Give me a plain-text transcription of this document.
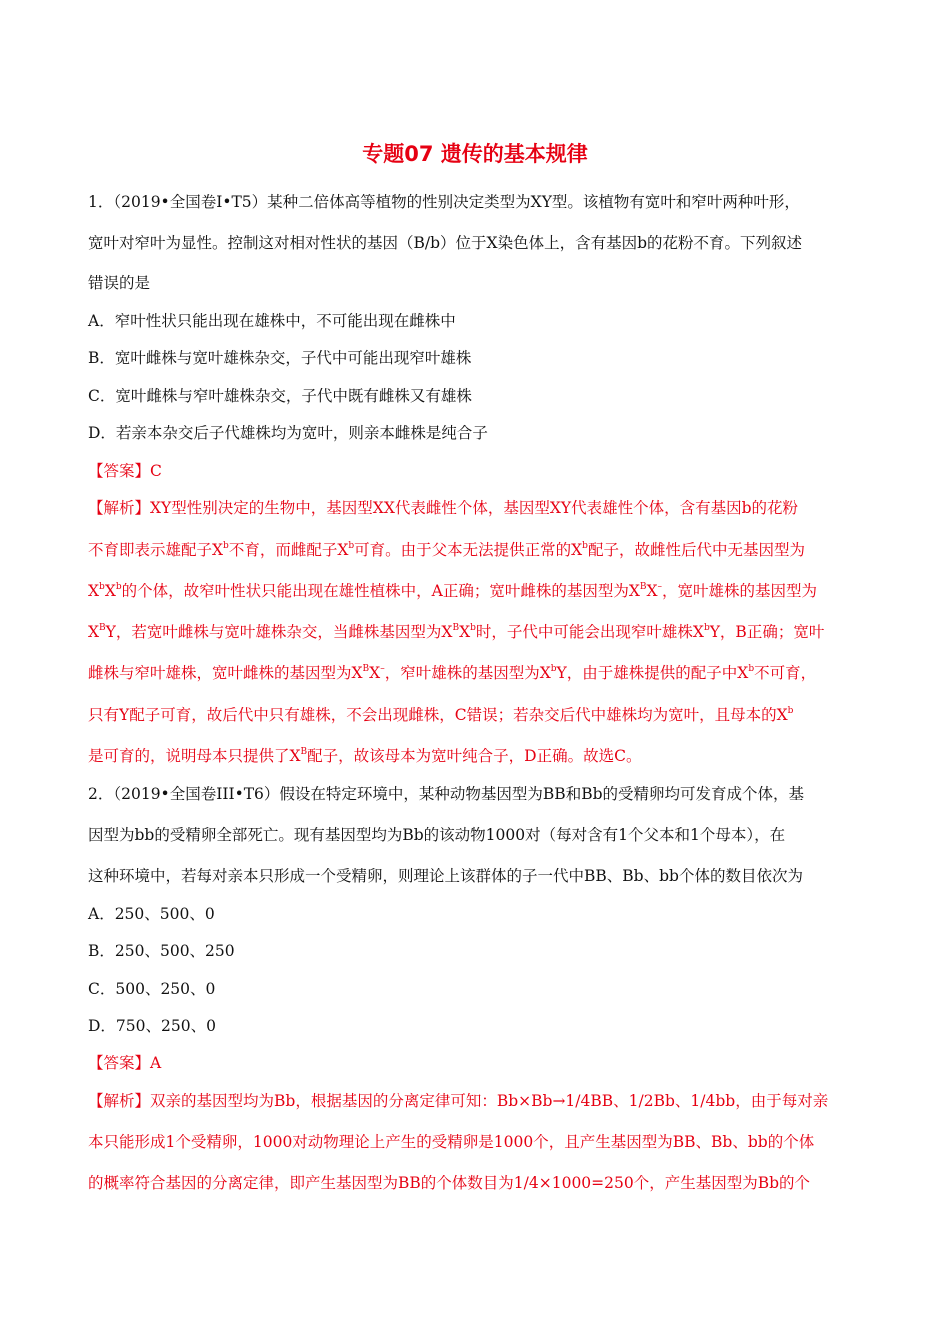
专题07 遗传的基本规律
1．（2019•全国卷Ⅰ•T5）某种二倍体高等植物的性别决定类型为XY型。该植物有宽叶和窄叶两种叶形，
宽叶对窄叶为显性。控制这对相对性状的基因（B/b）位于X染色体上，含有基因b的花粉不育。下列叙述
错误的是
A．窄叶性状只能出现在雄株中，不可能出现在雌株中
B．宽叶雌株与宽叶雄株杂交，子代中可能出现窄叶雄株
C．宽叶雌株与窄叶雄株杂交，子代中既有雌株又有雄株
D．若亲本杂交后子代雄株均为宽叶，则亲本雌株是纯合子
【答案】C
【解析】XY型性别决定的生物中，基因型XX代表雌性个体，基因型XY代表雄性个体，含有基因b的花粉
不育即表示雄配子$X^b$不育，而雌配子$X^b$可育。由于父本无法提供正常的$X^b$配子，故雌性后代中无基因型为
$X^bX^b$的个体，故窄叶性状只能出现在雄性植株中，A正确；宽叶雌株的基因型为$X^BX^-$，宽叶雄株的基因型为
$X^BY$，若宽叶雌株与宽叶雄株杂交，当雌株基因型为$X^BX^b$时，子代中可能会出现窄叶雄株$X^bY$，B正确；宽叶
雌株与窄叶雄株，宽叶雌株的基因型为$X^BX^-$，窄叶雄株的基因型为$X^bY$，由于雄株提供的配子中$X^b$不可育，
只有Y配子可育，故后代中只有雄株，不会出现雌株，C错误；若杂交后代中雄株均为宽叶，且母本的$X^b$
是可育的，说明母本只提供了$X^B$配子，故该母本为宽叶纯合子，D正确。故选C。
2．（2019•全国卷III•T6）假设在特定环境中，某种动物基因型为BB和Bb的受精卵均可发育成个体，基
因型为bb的受精卵全部死亡。现有基因型均为Bb的该动物1000对（每对含有1个父本和1个母本），在
这种环境中，若每对亲本只形成一个受精卵，则理论上该群体的子一代中BB、Bb、bb个体的数目依次为
A．250、500、0
B．250、500、250
C．500、250、0
D．750、250、0
【答案】A
【解析】双亲的基因型均为Bb，根据基因的分离定律可知：Bb×Bb→1/4BB、1/2Bb、1/4bb，由于每对亲
本只能形成1个受精卵，1000对动物理论上产生的受精卵是1000个，且产生基因型为BB、Bb、bb的个体
的概率符合基因的分离定律，即产生基因型为BB的个体数目为1/4×1000=250个，产生基因型为Bb的个
